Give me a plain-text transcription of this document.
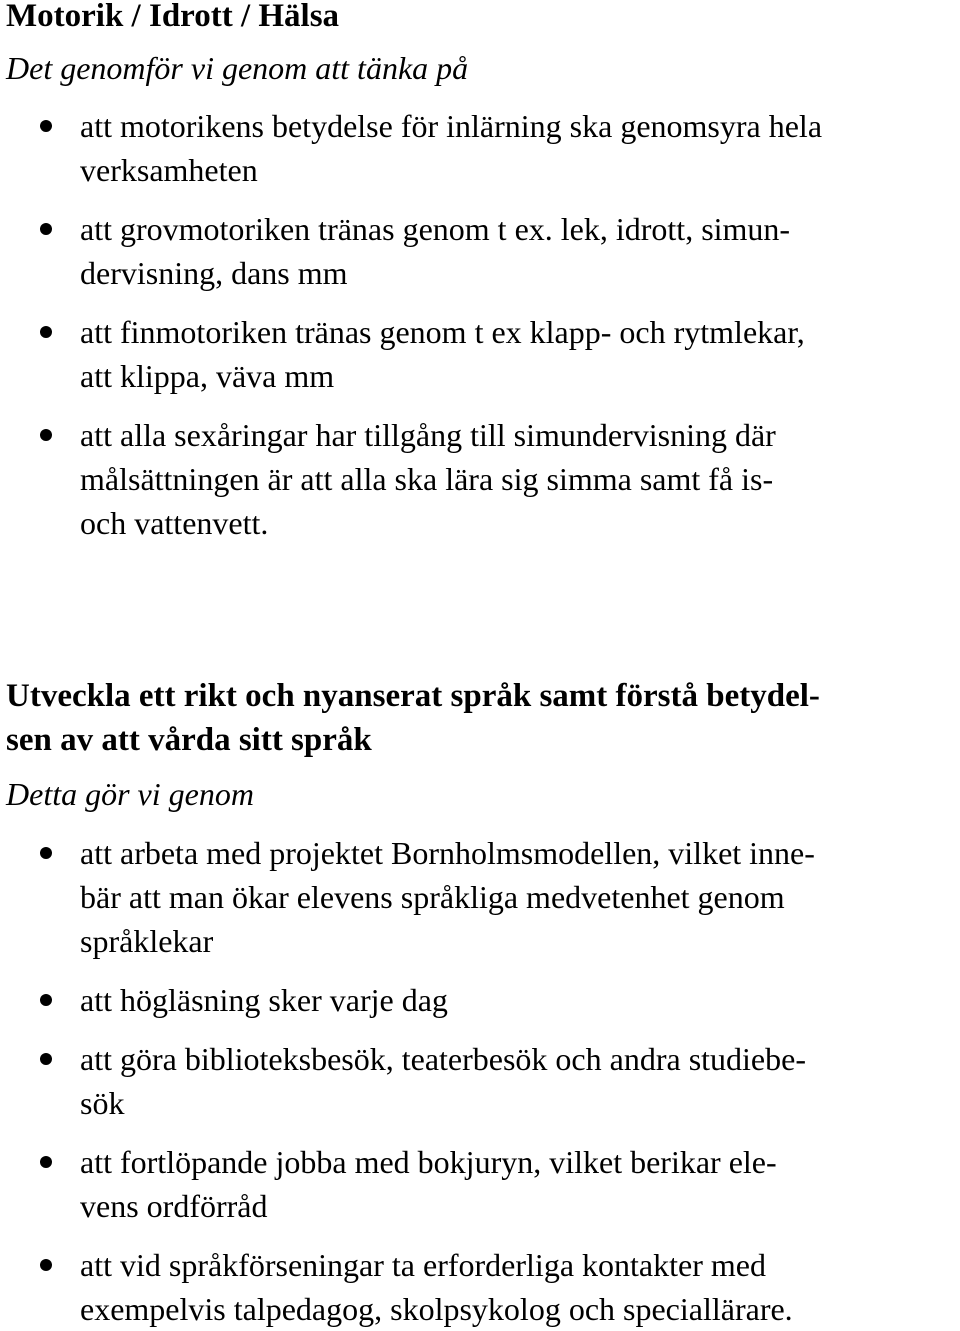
Motorik / Idrott / Hälsa

Det genomför vi genom att tänka på

att motorikens betydelse för inlärning ska genomsyra hela
verksamheten
att grovmotoriken tränas genom t ex. lek, idrott, simun-
dervisning, dans mm
att finmotoriken tränas genom t ex klapp- och rytmlekar,
att klippa, väva mm
att alla sexåringar har tillgång till simundervisning där
målsättningen är att alla ska lära sig simma samt få is-
och vattenvett.
Utveckla ett rikt och nyanserat språk samt förstå betydel-
sen av att vårda sitt språk

Detta gör vi genom

att arbeta med projektet Bornholmsmodellen, vilket inne-
bär att man ökar elevens språkliga medvetenhet genom
språklekar
att högläsning sker varje dag
att göra biblioteksbesök, teaterbesök och andra studiebe-
sök
att fortlöpande jobba med bokjuryn, vilket berikar ele-
vens ordförråd
att vid språkförseningar ta erforderliga kontakter med
exempelvis talpedagog, skolpsykolog och speciallärare.
